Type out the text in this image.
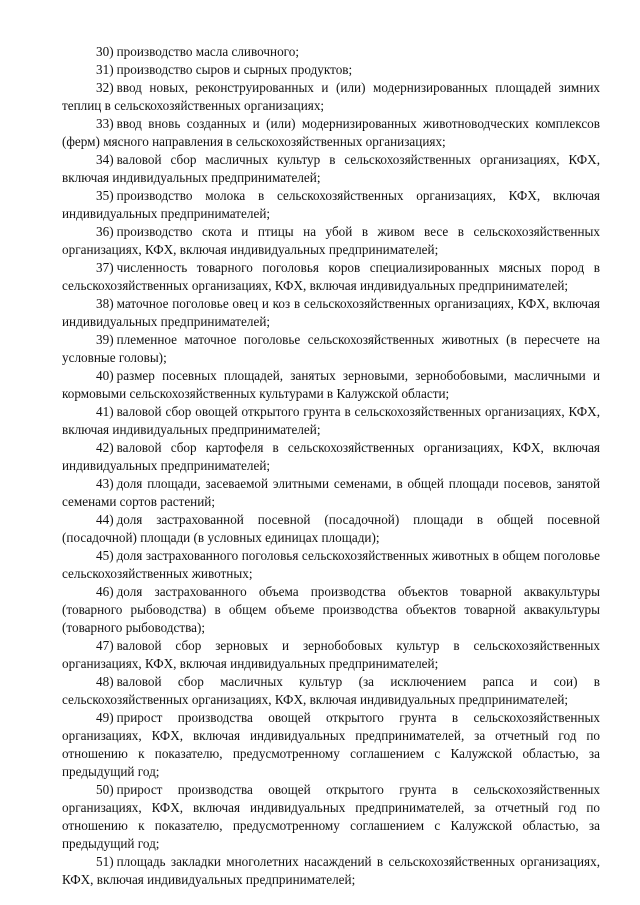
30) производство масла сливочного;

31) производство сыров и сырных продуктов;

32) ввод новых, реконструированных и (или) модернизированных площадей зимних теплиц в сельскохозяйственных организациях;

33) ввод вновь созданных и (или) модернизированных животноводческих комплексов (ферм) мясного направления в сельскохозяйственных организациях;

34) валовой сбор масличных культур в сельскохозяйственных организациях, КФХ, включая индивидуальных предпринимателей;

35) производство молока в сельскохозяйственных организациях, КФХ, включая индивидуальных предпринимателей;

36) производство скота и птицы на убой в живом весе в сельскохозяйственных организациях, КФХ, включая индивидуальных предпринимателей;

37) численность товарного поголовья коров специализированных мясных пород в сельскохозяйственных организациях, КФХ, включая индивидуальных предпринимателей;

38) маточное поголовье овец и коз в сельскохозяйственных организациях, КФХ, включая индивидуальных предпринимателей;

39) племенное маточное поголовье сельскохозяйственных животных (в пересчете на условные головы);

40) размер посевных площадей, занятых зерновыми, зернобобовыми, масличными и кормовыми сельскохозяйственных культурами в Калужской области;

41) валовой сбор овощей открытого грунта в сельскохозяйственных организациях, КФХ, включая индивидуальных предпринимателей;

42) валовой сбор картофеля в сельскохозяйственных организациях, КФХ, включая индивидуальных предпринимателей;

43) доля площади, засеваемой элитными семенами, в общей площади посевов, занятой семенами сортов растений;

44) доля застрахованной посевной (посадочной) площади в общей посевной (посадочной) площади (в условных единицах площади);

45) доля застрахованного поголовья сельскохозяйственных животных в общем поголовье сельскохозяйственных животных;

46) доля застрахованного объема производства объектов товарной аквакультуры (товарного рыбоводства) в общем объеме производства объектов товарной аквакультуры (товарного рыбоводства);

47) валовой сбор зерновых и зернобобовых культур в сельскохозяйственных организациях, КФХ, включая индивидуальных предпринимателей;

48) валовой сбор масличных культур (за исключением рапса и сои) в сельскохозяйственных организациях, КФХ, включая индивидуальных предпринимателей;

49) прирост производства овощей открытого грунта в сельскохозяйственных организациях, КФХ, включая индивидуальных предпринимателей, за отчетный год по отношению к показателю, предусмотренному соглашением с Калужской областью, за предыдущий год;

50) прирост производства овощей открытого грунта в сельскохозяйственных организациях, КФХ, включая индивидуальных предпринимателей, за отчетный год по отношению к показателю, предусмотренному соглашением с Калужской областью, за предыдущий год;

51) площадь закладки многолетних насаждений в сельскохозяйственных организациях, КФХ, включая индивидуальных предпринимателей;
